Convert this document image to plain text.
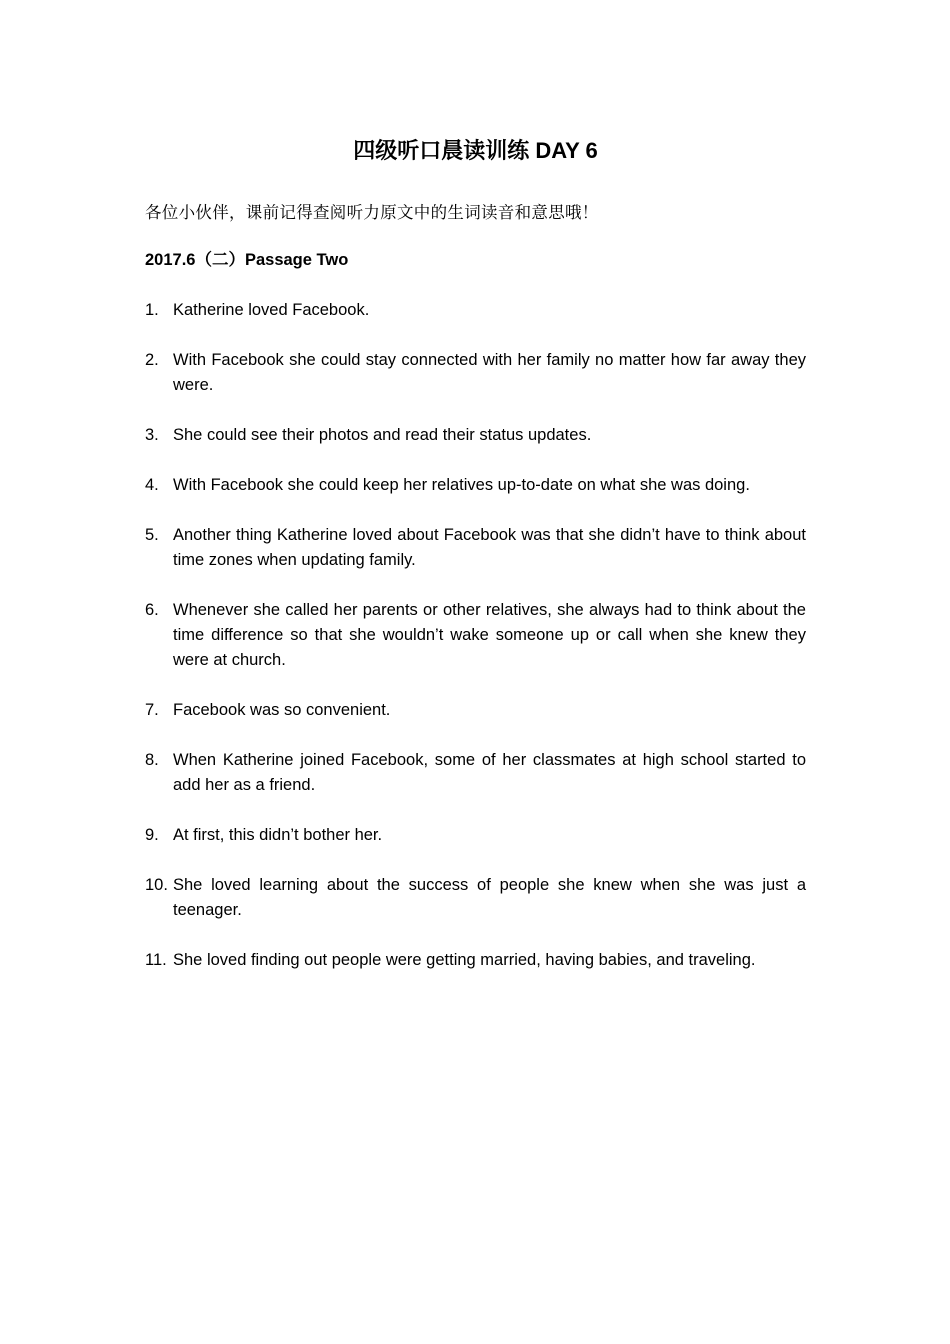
四级听口晨读训练 DAY 6

各位小伙伴，课前记得查阅听力原文中的生词读音和意思哦！

2017.6（二）Passage Two

1. Katherine loved Facebook.
2. With Facebook she could stay connected with her family no matter how far away they were.
3. She could see their photos and read their status updates.
4. With Facebook she could keep her relatives up-to-date on what she was doing.
5. Another thing Katherine loved about Facebook was that she didn’t have to think about time zones when updating family.
6. Whenever she called her parents or other relatives, she always had to think about the time difference so that she wouldn’t wake someone up or call when she knew they were at church.
7. Facebook was so convenient.
8. When Katherine joined Facebook, some of her classmates at high school started to add her as a friend.
9. At first, this didn’t bother her.
10. She loved learning about the success of people she knew when she was just a teenager.
11. She loved finding out people were getting married, having babies, and traveling.
